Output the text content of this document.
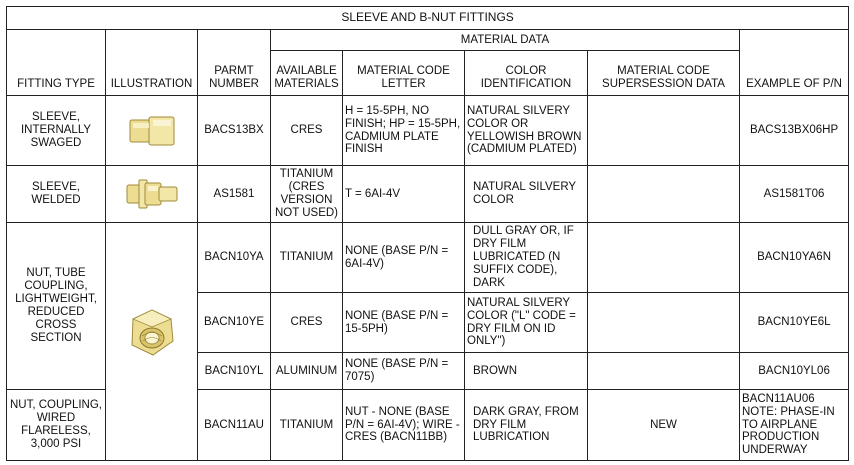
SLEEVE AND B-NUT FITTINGS							
FITTING TYPE	ILLUSTRATION	PARMT NUMBER	MATERIAL DATA				EXAMPLE OF P/N
			AVAILABLE MATERIALS	MATERIAL CODE LETTER	COLOR IDENTIFICATION	MATERIAL CODE SUPERSESSION DATA	
SLEEVE, INTERNALLY SWAGED		BACS13BX	CRES	H = 15-5PH, NO FINISH; HP = 15-5PH, CADMIUM PLATE FINISH	NATURAL SILVERY COLOR OR YELLOWISH BROWN (CADMIUM PLATED)		BACS13BX06HP
SLEEVE, WELDED		AS1581	TITANIUM (CRES VERSION NOT USED)	T = 6AI-4V	NATURAL SILVERY COLOR		AS1581T06
NUT, TUBE COUPLING, LIGHTWEIGHT, REDUCED CROSS SECTION		BACN10YA	TITANIUM	NONE (BASE P/N = 6AI-4V)	DULL GRAY OR, IF DRY FILM LUBRICATED (N SUFFIX CODE), DARK		BACN10YA6N
		BACN10YE	CRES	NONE (BASE P/N = 15-5PH)	NATURAL SILVERY COLOR ("L" CODE = DRY FILM ON ID ONLY")		BACN10YE6L
		BACN10YL	ALUMINUM	NONE (BASE P/N = 7075)	BROWN		BACN10YL06
NUT, COUPLING, WIRED FLARELESS, 3,000 PSI		BACN11AU	TITANIUM	NUT - NONE (BASE P/N = 6AI-4V); WIRE - CRES (BACN11BB)	DARK GRAY, FROM DRY FILM LUBRICATION	NEW	BACN11AU06 NOTE: PHASE-IN TO AIRPLANE PRODUCTION UNDERWAY
